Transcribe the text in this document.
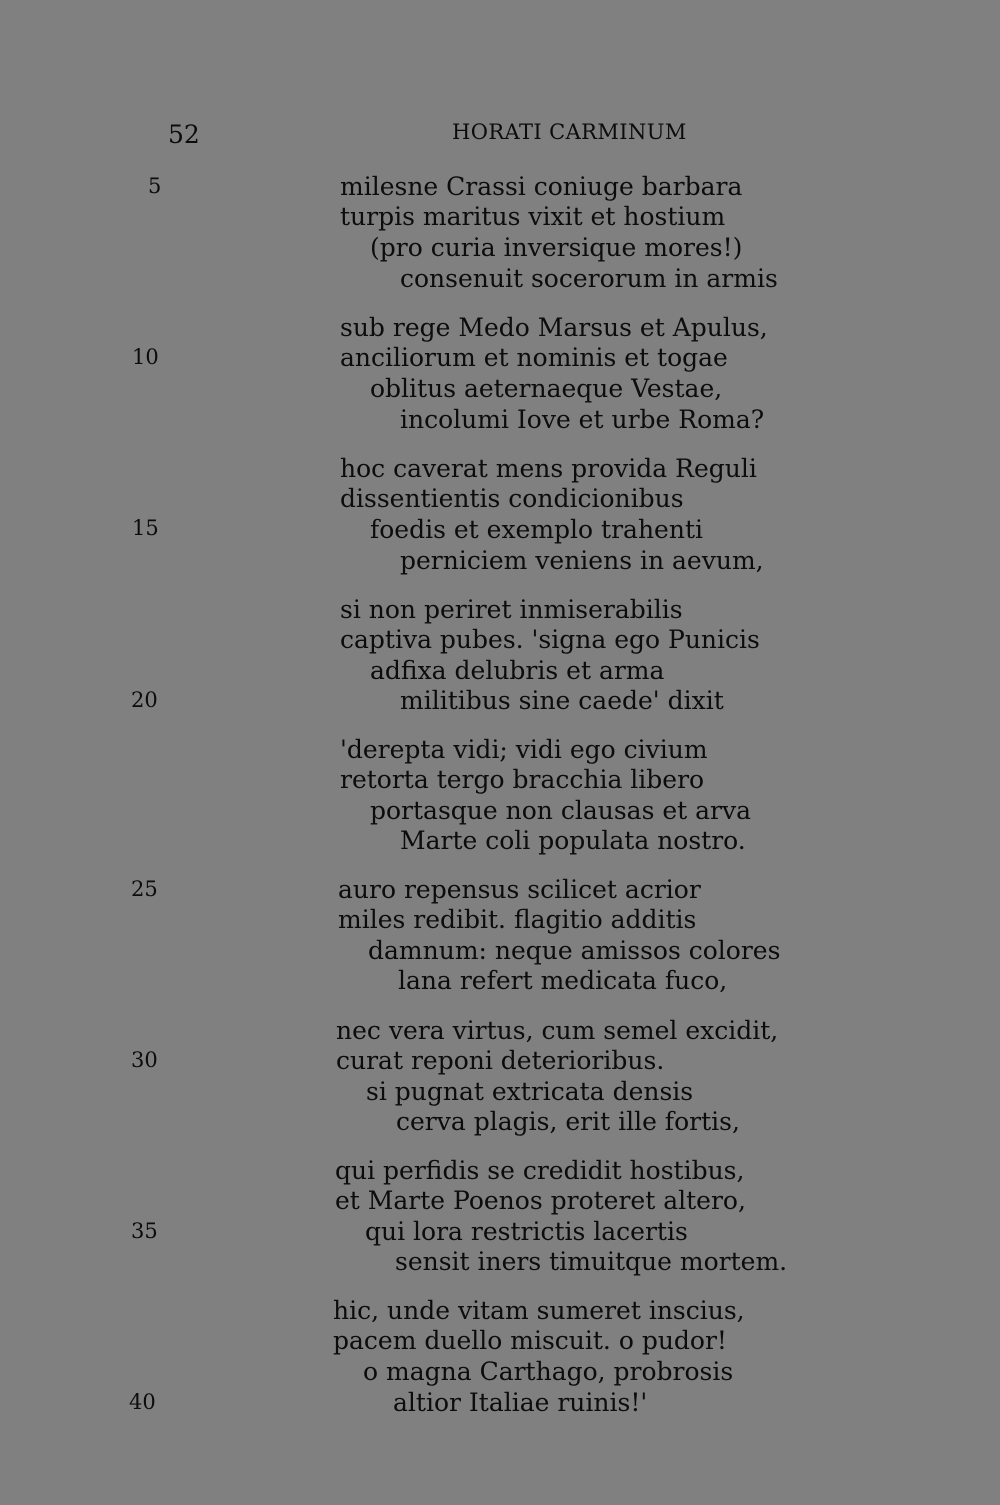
52	HORATI CARMINUM
5
10
15
20
25
30
35
40
milesne Crassi coniuge barbara
turpis maritus vixit et hostium
(pro curia inversique mores!)
consenuit socerorum in armis
sub rege Medo Marsus et Apulus,
anciliorum et nominis et togae
oblitus aeternaeque Vestae,
incolumi Iove et urbe Roma?
hoc caverat mens provida Reguli
dissentientis condicionibus
foedis et exemplo trahenti
perniciem veniens in aevum,
si non periret inmiserabilis
captiva pubes. 'signa ego Punicis
adfixa delubris et arma
militibus sine caede' dixit
'derepta vidi; vidi ego civium
retorta tergo bracchia libero
portasque non clausas et arva
Marte coli populata nostro.
auro repensus scilicet acrior
miles redibit. flagitio additis
damnum: neque amissos colores
lana refert medicata fuco,
nec vera virtus, cum semel excidit,
curat reponi deterioribus.
si pugnat extricata densis
cerva plagis, erit ille fortis,
qui perfidis se credidit hostibus,
et Marte Poenos proteret altero,
qui lora restrictis lacertis
sensit iners timuitque mortem.
hic, unde vitam sumeret inscius,
pacem duello miscuit. o pudor!
o magna Carthago, probrosis
altior Italiae ruinis!'
